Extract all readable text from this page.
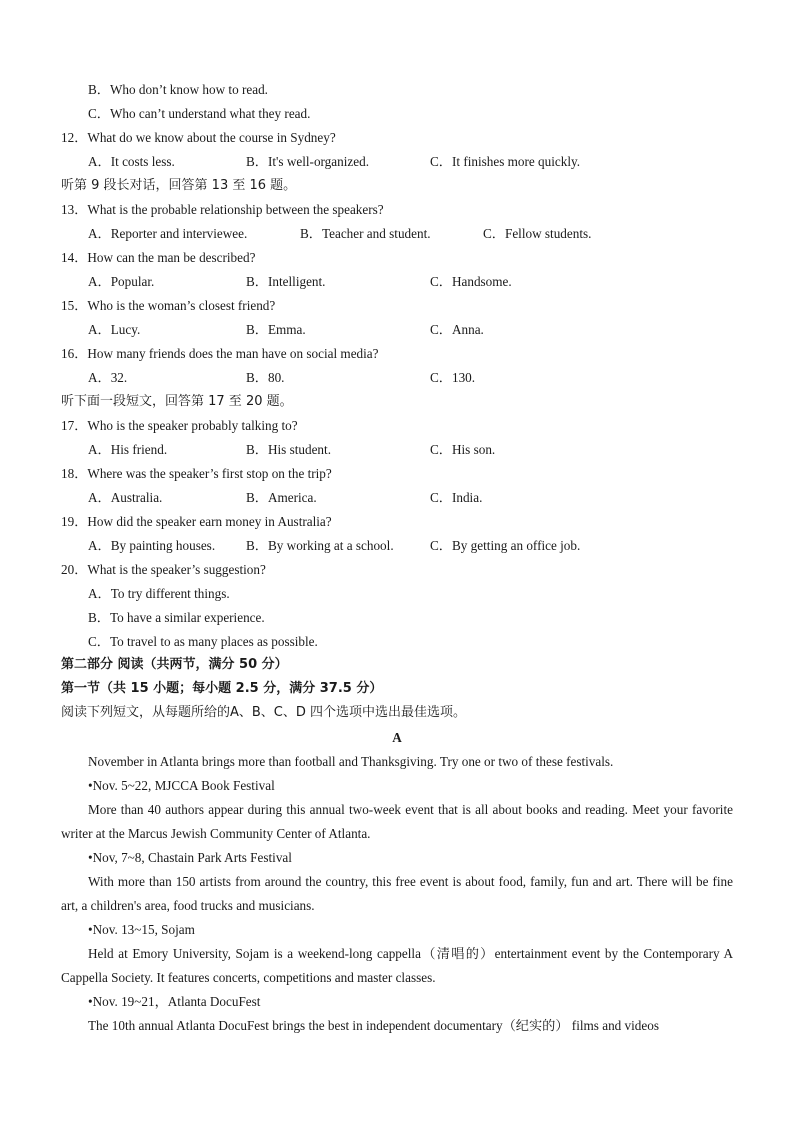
B．Who don’t know how to read.
C．Who can’t understand what they read.
12．What do we know about the course in Sydney?
A．It costs less.	B．It's well-organized.	C．It finishes more quickly.
听第 9 段长对话，回答第 13 至 16 题。
13．What is the probable relationship between the speakers?
A．Reporter and interviewee.	B．Teacher and student.	C．Fellow students.
14．How can the man be described?
A．Popular.	B．Intelligent.	C．Handsome.
15．Who is the woman’s closest friend?
A．Lucy.	B．Emma.	C．Anna.
16．How many friends does the man have on social media?
A．32.	B．80.	C．130.
听下面一段短文，回答第 17 至 20 题。
17．Who is the speaker probably talking to?
A．His friend.	B．His student.	C．His son.
18．Where was the speaker’s first stop on the trip?
A．Australia.	B．America.	C．India.
19．How did the speaker earn money in Australia?
A．By painting houses. B．By working at a school.	C．By getting an office job.
20．What is the speaker’s suggestion?
A．To try different things.
B．To have a similar experience.
C．To travel to as many places as possible.
第二部分 阅读（共两节，满分 50 分）
第一节（共 15 小题；每小题 2.5 分，满分 37.5 分）
阅读下列短文，从每题所给的A、B、C、D 四个选项中选出最佳选项。
A
November in Atlanta brings more than football and Thanksgiving. Try one or two of these festivals.
•Nov. 5~22, MJCCA Book Festival
More than 40 authors appear during this annual two-week event that is all about books and reading. Meet your favorite writer at the Marcus Jewish Community Center of Atlanta.
•Nov, 7~8, Chastain Park Arts Festival
With more than 150 artists from around the country, this free event is about food, family, fun and art. There will be fine art, a children's area, food trucks and musicians.
•Nov. 13~15, Sojam
Held at Emory University, Sojam is a weekend-long cappella（清唱的）entertainment event by the Contemporary A Cappella Society. It features concerts, competitions and master classes.
•Nov. 19~21，Atlanta DocuFest
The 10th annual Atlanta DocuFest brings the best in independent documentary（纪实的） films and videos
